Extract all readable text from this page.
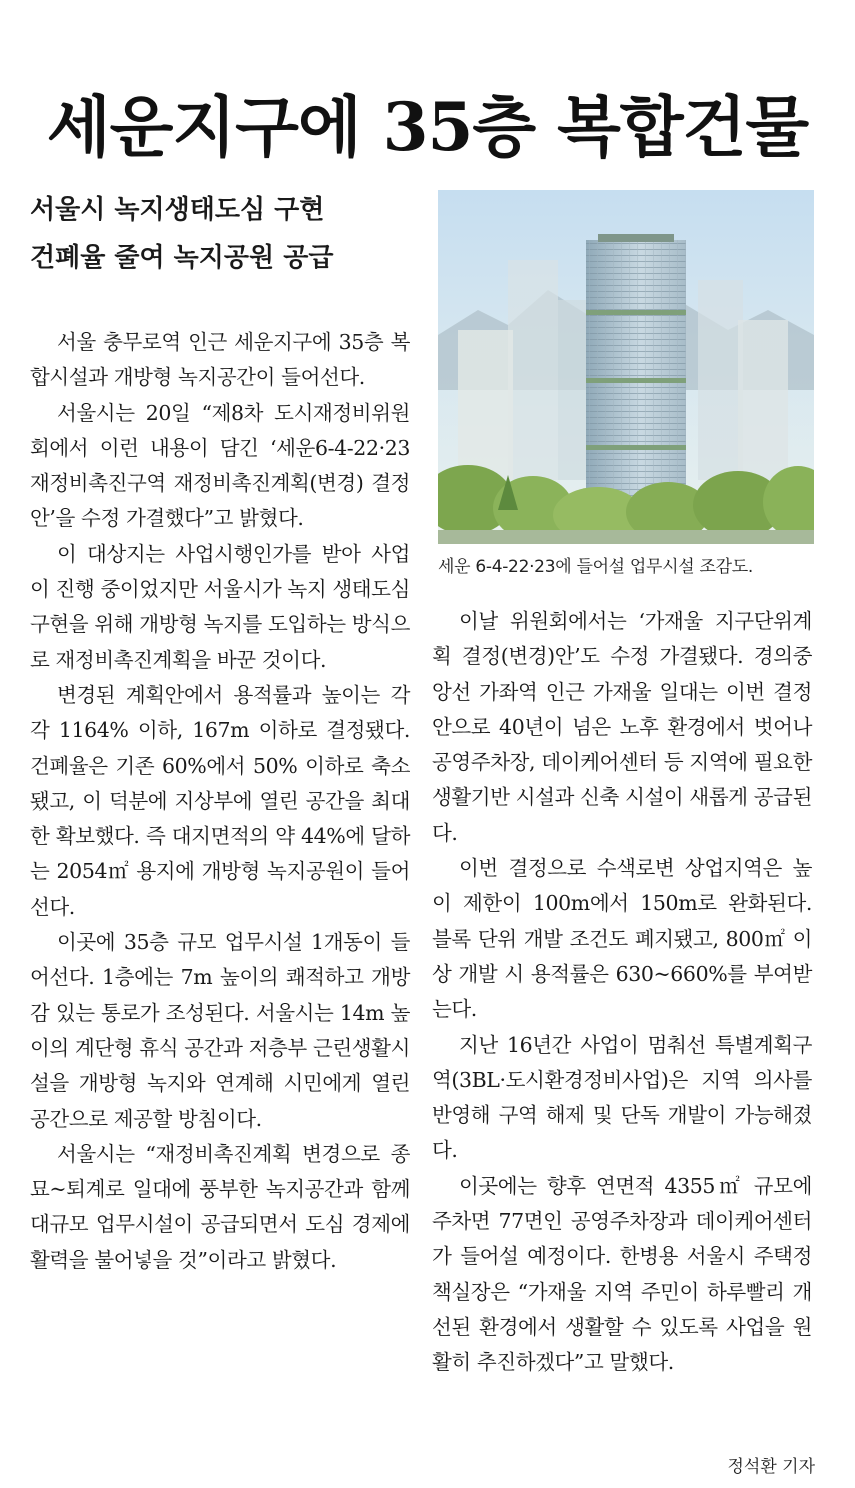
세운지구에 35층 복합건물
서울시 녹지생태도심 구현
건폐율 줄여 녹지공원 공급

서울 충무로역 인근 세운지구에 35층 복합시설과 개방형 녹지공간이 들어선다.

서울시는 20일 “제8차 도시재정비위원회에서 이런 내용이 담긴 ‘세운6-4-22·23 재정비촉진구역 재정비촉진계획(변경) 결정안’을 수정 가결했다”고 밝혔다.

이 대상지는 사업시행인가를 받아 사업이 진행 중이었지만 서울시가 녹지 생태도심 구현을 위해 개방형 녹지를 도입하는 방식으로 재정비촉진계획을 바꾼 것이다.

변경된 계획안에서 용적률과 높이는 각각 1164% 이하, 167m 이하로 결정됐다. 건폐율은 기존 60%에서 50% 이하로 축소됐고, 이 덕분에 지상부에 열린 공간을 최대한 확보했다. 즉 대지면적의 약 44%에 달하는 2054㎡ 용지에 개방형 녹지공원이 들어선다.

이곳에 35층 규모 업무시설 1개동이 들어선다. 1층에는 7m 높이의 쾌적하고 개방감 있는 통로가 조성된다. 서울시는 14m 높이의 계단형 휴식 공간과 저층부 근린생활시설을 개방형 녹지와 연계해 시민에게 열린 공간으로 제공할 방침이다.

서울시는 “재정비촉진계획 변경으로 종묘~퇴계로 일대에 풍부한 녹지공간과 함께 대규모 업무시설이 공급되면서 도심 경제에 활력을 불어넣을 것”이라고 밝혔다.

세운 6-4-22·23에 들어설 업무시설 조감도.

이날 위원회에서는 ‘가재울 지구단위계획 결정(변경)안’도 수정 가결됐다. 경의중앙선 가좌역 인근 가재울 일대는 이번 결정안으로 40년이 넘은 노후 환경에서 벗어나 공영주차장, 데이케어센터 등 지역에 필요한 생활기반 시설과 신축 시설이 새롭게 공급된다.

이번 결정으로 수색로변 상업지역은 높이 제한이 100m에서 150m로 완화된다. 블록 단위 개발 조건도 폐지됐고, 800㎡ 이상 개발 시 용적률은 630~660%를 부여받는다.

지난 16년간 사업이 멈춰선 특별계획구역(3BL·도시환경정비사업)은 지역 의사를 반영해 구역 해제 및 단독 개발이 가능해졌다.

이곳에는 향후 연면적 4355㎡ 규모에 주차면 77면인 공영주차장과 데이케어센터가 들어설 예정이다. 한병용 서울시 주택정책실장은 “가재울 지역 주민이 하루빨리 개선된 환경에서 생활할 수 있도록 사업을 원활히 추진하겠다”고 말했다.

정석환 기자
